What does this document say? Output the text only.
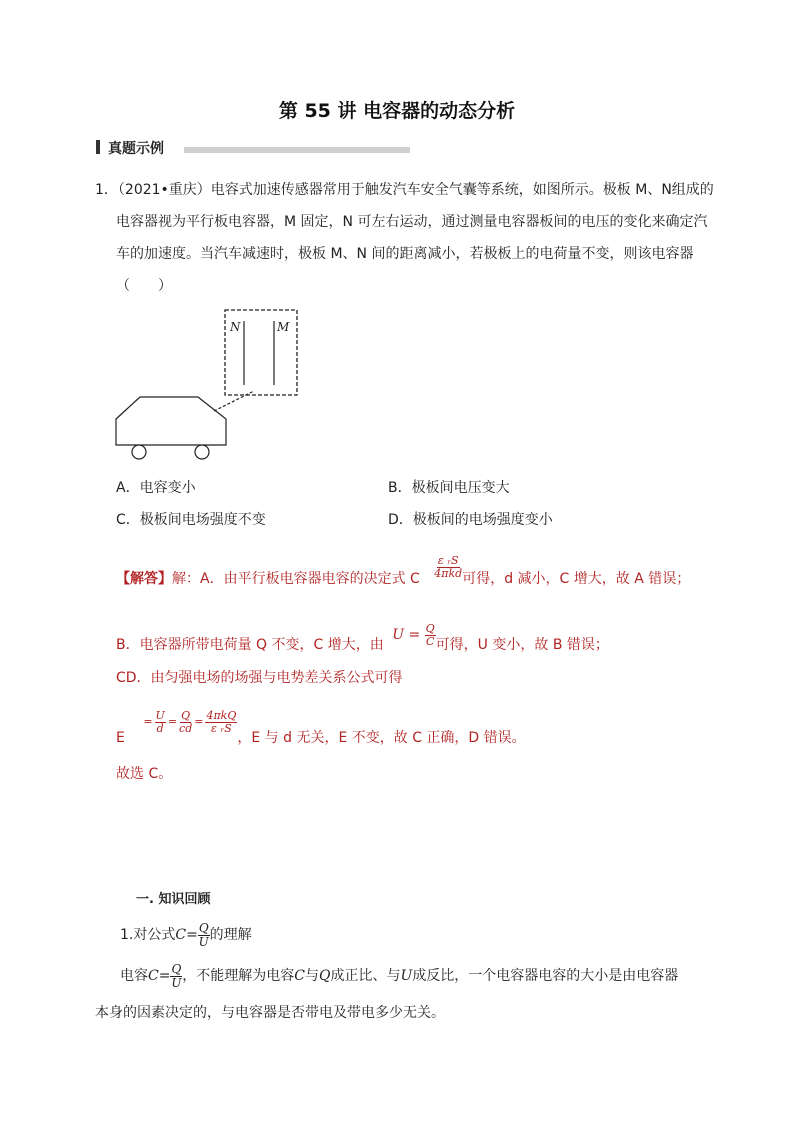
第 55 讲 电容器的动态分析
真题示例
1．（2021•重庆）电容式加速传感器常用于触发汽车安全气囊等系统，如图所示。极板 M、N组成的
电容器视为平行板电容器，M 固定，N 可左右运动，通过测量电容器板间的电压的变化来确定汽
车的加速度。当汽车减速时，极板 M、N 间的距离减小，若极板上的电荷量不变，则该电容器
（　　）
N	M
A．电容变小	B．极板间电压变大
C．极板间电场强度不变	D．极板间的电场强度变小
【解答】解：A．由平行板电容器电容的决定式 C $\frac{\text{ε ᵣS}}{\text{4πkd}}$ 可得，d 减小，C 增大，故 A 错误；
B．电容器所带电荷量 Q 不变，C 增大，由 $U = \frac{Q}{C}$ 可得，U 变小，故 B 错误；
CD．由匀强电场的场强与电势差关系公式可得
E
= $\frac{U}{d} = \frac{Q}{cd} = \frac{\text{4πkQ}}{\text{ε ᵣS}}$
，E 与 d 无关，E 不变，故 C 正确，D 错误。
故选 C。
一. 知识回顾
1.对公式$C= \frac{Q}{U}$ 的理解
电容$C= \frac{Q}{U}$ ，不能理解为电容C与Q成正比、与U成反比，一个电容器电容的大小是由电容器
本身的因素决定的，与电容器是否带电及带电多少无关。
